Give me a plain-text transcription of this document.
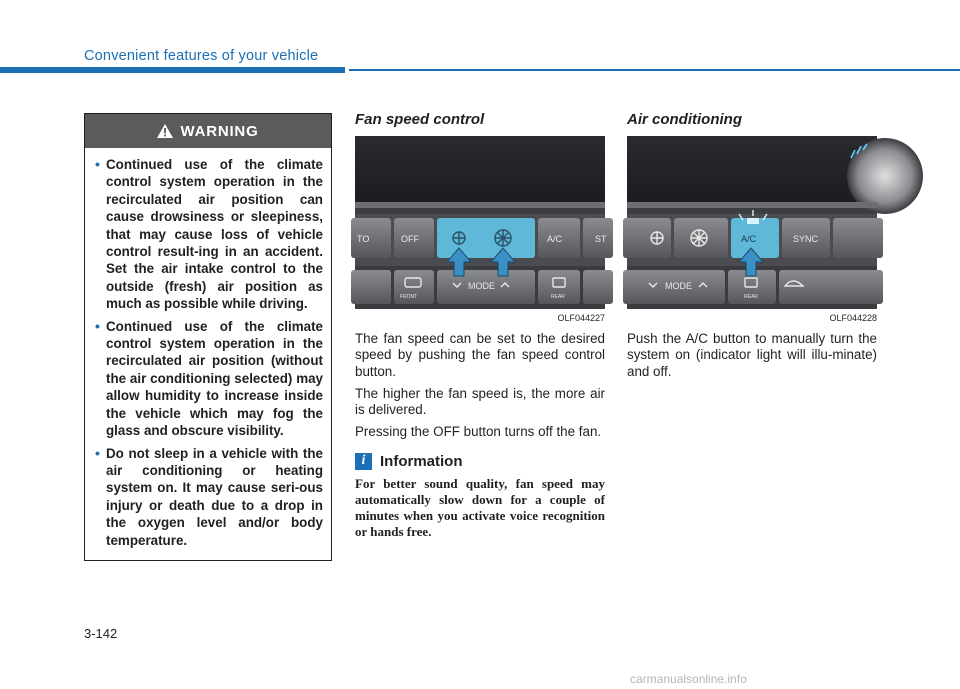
Convenient features of your vehicle
WARNING
• Continued use of the climate control system operation in the recirculated air position can cause drowsiness or sleepiness, that may cause loss of vehicle control result-ing in an accident. Set the air intake control to the outside (fresh) air position as much as possible while driving.
• Continued use of the climate control system operation in the recirculated air position (without the air conditioning selected) may allow humidity to increase inside the vehicle which may fog the glass and obscure visibility.
• Do not sleep in a vehicle with the air conditioning or heating system on. It may cause seri-ous injury or death due to a drop in the oxygen level and/or body temperature.
Fan speed control
TO	OFF	A/C	ST
MODE
FRONT	REAR
OLF044227

The fan speed can be set to the desired speed by pushing the fan speed control button.

The higher the fan speed is, the more air is delivered.

Pressing the OFF button turns off the fan.

i Information

For better sound quality, fan speed may automatically slow down for a couple of minutes when you activate voice recognition or hands free.

Air conditioning
A/C	SYNC
MODE
REAR
OLF044228

Push the A/C button to manually turn the system on (indicator light will illu-minate) and off.

3-142
carmanualsonline.info
